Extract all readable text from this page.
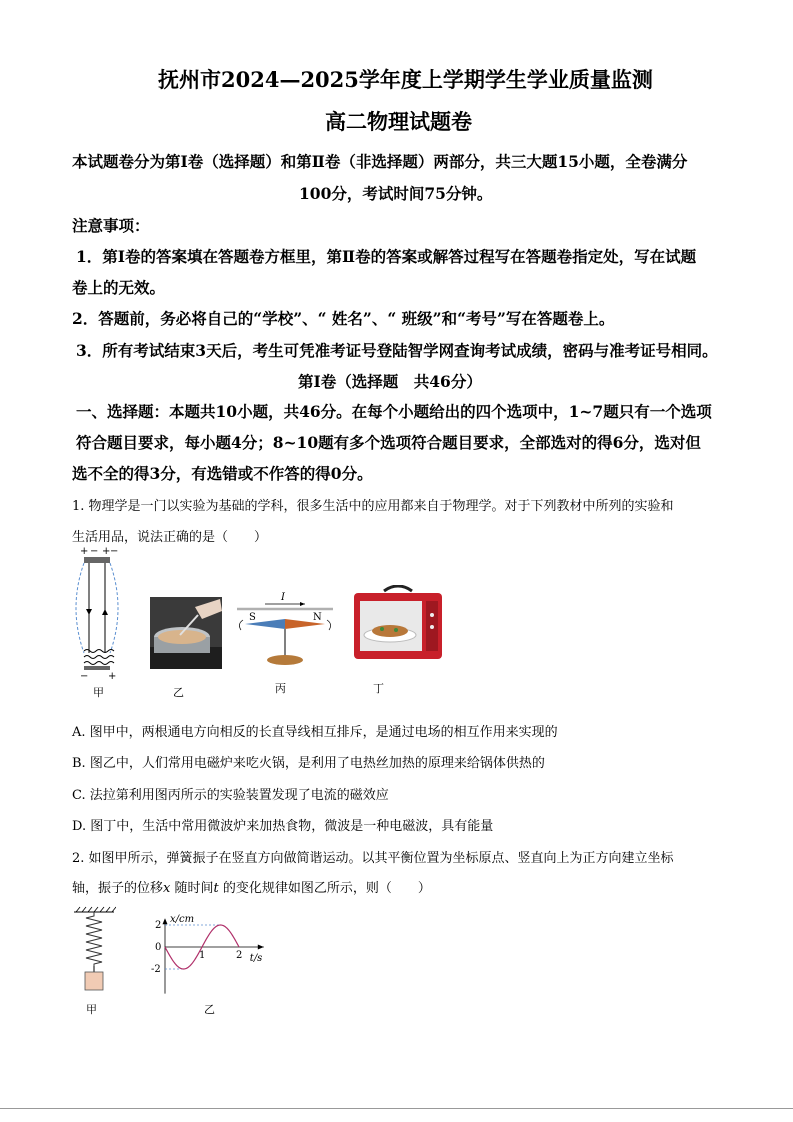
抚州市2024—2025学年度上学期学生学业质量监测
高二物理试题卷
本试题卷分为第Ⅰ卷（选择题）和第Ⅱ卷（非选择题）两部分，共三大题15小题，全卷满分
100分，考试时间75分钟。
注意事项：
1．第Ⅰ卷的答案填在答题卷方框里，第Ⅱ卷的答案或解答过程写在答题卷指定处，写在试题
卷上的无效。
2．答题前，务必将自己的“学校”、“ 姓名”、“ 班级”和“考号”写在答题卷上。
3．所有考试结束3天后，考生可凭准考证号登陆智学网查询考试成绩，密码与准考证号相同。
第Ⅰ卷（选择题　共46分）
一、选择题：本题共10小题，共46分。在每个小题给出的四个选项中，1~7题只有一个选项
符合题目要求，每小题4分；8~10题有多个选项符合题目要求，全部选对的得6分，选对但
选不全的得3分，有选错或不作答的得0分。
1. 物理学是一门以实验为基础的学科，很多生活中的应用都来自于物理学。对于下列教材中所列的实验和
生活用品，说法正确的是（　　）
+ − + −
− +
甲	乙
I
S	N
丙	丁
A. 图甲中，两根通电方向相反的长直导线相互排斥，是通过电场的相互作用来实现的
B. 图乙中，人们常用电磁炉来吃火锅，是利用了电热丝加热的原理来给锅体供热的
C. 法拉第利用图丙所示的实验装置发现了电流的磁效应
D. 图丁中，生活中常用微波炉来加热食物，微波是一种电磁波，具有能量
2. 如图甲所示，弹簧振子在竖直方向做简谐运动。以其平衡位置为坐标原点、竖直向上为正方向建立坐标
轴，振子的位移x 随时间t 的变化规律如图乙所示，则（　　）
甲
x/cm
t/s
2
0
-2
1	2
乙
